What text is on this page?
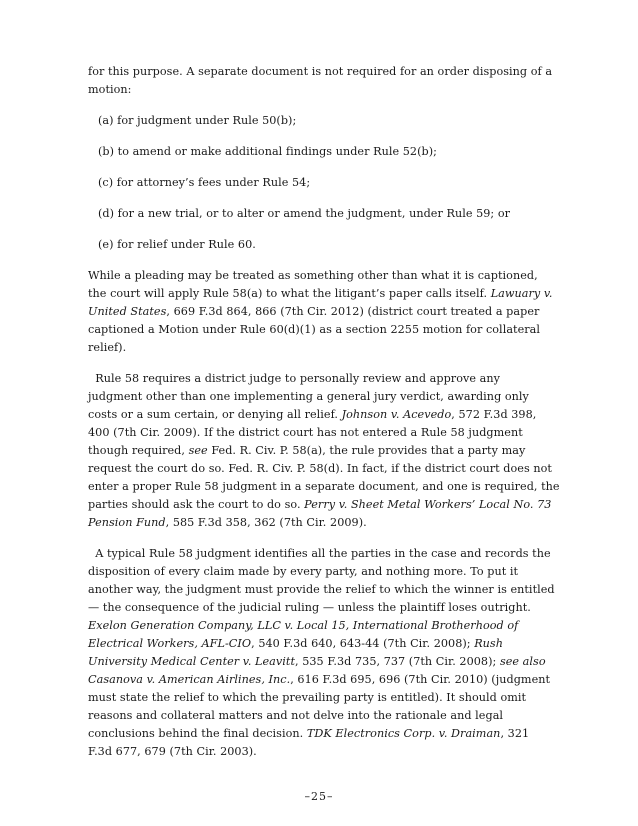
for this purpose. A separate document is not required for an order disposing of a
motion:
(a) for judgment under Rule 50(b);
(b) to amend or make additional findings under Rule 52(b);
(c) for attorney’s fees under Rule 54;
(d) for a new trial, or to alter or amend the judgment, under Rule 59; or
(e) for relief under Rule 60.
While a pleading may be treated as something other than what it is captioned,
the court will apply Rule 58(a) to what the litigant’s paper calls itself. Lawuary v.
United States, 669 F.3d 864, 866 (7th Cir. 2012) (district court treated a paper
captioned a Motion under Rule 60(d)(1) as a section 2255 motion for collateral
relief).
Rule 58 requires a district judge to personally review and approve any
judgment other than one implementing a general jury verdict, awarding only
costs or a sum certain, or denying all relief. Johnson v. Acevedo, 572 F.3d 398,
400 (7th Cir. 2009). If the district court has not entered a Rule 58 judgment
though required, see Fed. R. Civ. P. 58(a), the rule provides that a party may
request the court do so. Fed. R. Civ. P. 58(d). In fact, if the district court does not
enter a proper Rule 58 judgment in a separate document, and one is required, the
parties should ask the court to do so. Perry v. Sheet Metal Workers’ Local No. 73
Pension Fund, 585 F.3d 358, 362 (7th Cir. 2009).
A typical Rule 58 judgment identifies all the parties in the case and records the
disposition of every claim made by every party, and nothing more. To put it
another way, the judgment must provide the relief to which the winner is entitled
— the consequence of the judicial ruling — unless the plaintiff loses outright.
Exelon Generation Company, LLC v. Local 15, International Brotherhood of
Electrical Workers, AFL-CIO, 540 F.3d 640, 643-44 (7th Cir. 2008); Rush
University Medical Center v. Leavitt, 535 F.3d 735, 737 (7th Cir. 2008); see also
Casanova v. American Airlines, Inc., 616 F.3d 695, 696 (7th Cir. 2010) (judgment
must state the relief to which the prevailing party is entitled). It should omit
reasons and collateral matters and not delve into the rationale and legal
conclusions behind the final decision. TDK Electronics Corp. v. Draiman, 321
F.3d 677, 679 (7th Cir. 2003).
–25–
